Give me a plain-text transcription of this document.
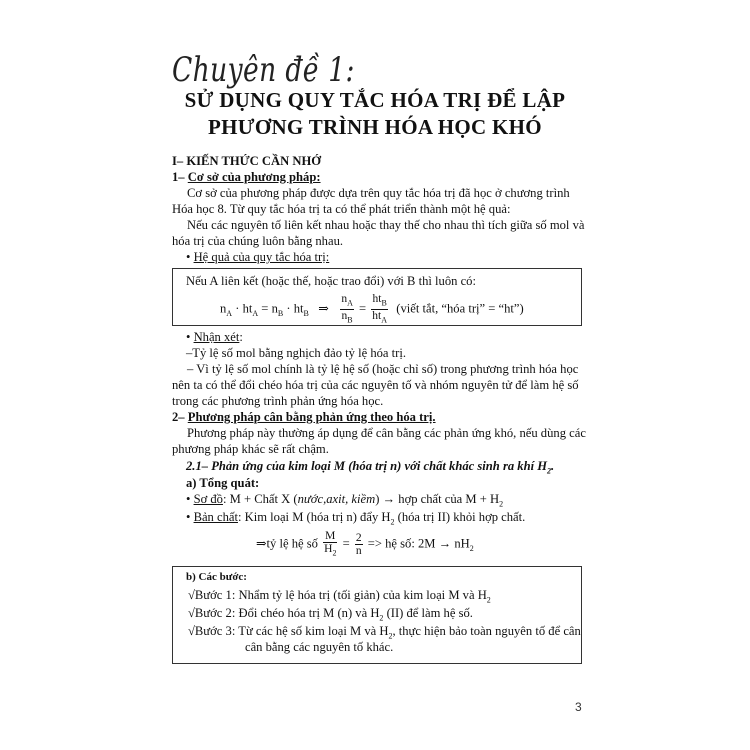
Chuyên đề 1:
SỬ DỤNG QUY TẮC HÓA TRỊ ĐỂ LẬP
PHƯƠNG TRÌNH HÓA HỌC KHÓ
I– KIẾN THỨC CẦN NHỚ
1– Cơ sở của phương pháp:
Cơ sở của phương pháp được dựa trên quy tắc hóa trị đã học ở chương trình
Hóa học 8. Từ quy tắc hóa trị ta có thể phát triển thành một hệ quả:
Nếu các nguyên tố liên kết nhau hoặc thay thế cho nhau thì tích giữa số mol và
hóa trị của chúng luôn bằng nhau.
• Hệ quả của quy tắc hóa trị:
Nếu A liên kết (hoặc thế, hoặc trao đổi) với B thì luôn có:
$n_A \cdot ht_A = n_B \cdot ht_B$ ⇒ $\frac{n_A}{n_B} = \frac{ht_B}{ht_A}$ (viết tắt, “hóa trị” = “ht”)
• Nhận xét:
–Tỷ lệ số mol bằng nghịch đảo tỷ lệ hóa trị.
– Vì tỷ lệ số mol chính là tỷ lệ hệ số (hoặc chỉ số) trong phương trình hóa học
nên ta có thể đổi chéo hóa trị của các nguyên tố và nhóm nguyên tử để làm hệ số
trong các phương trình phản ứng hóa học.
2– Phương pháp cân bằng phản ứng theo hóa trị.
Phương pháp này thường áp dụng để cân bằng các phản ứng khó, nếu dùng các
phương pháp khác sẽ rất chậm.
2.1– Phản ứng của kim loại M (hóa trị n) với chất khác sinh ra khí $H_2$.
a) Tổng quát:
• Sơ đồ: M + Chất X (nước,axit, kiềm) → hợp chất của $M + H_2$
• Bản chất: Kim loại M (hóa trị n) đẩy $H_2$ (hóa trị II) khỏi hợp chất.
⇒tỷ lệ hệ số $\frac{M}{H_2} = \frac{2}{n}$ => hệ số: $2M \to nH_2$
b) Các bước:
√Bước 1: Nhẩm tỷ lệ hóa trị (tối giản) của kim loại M và $H_2$
√Bước 2: Đổi chéo hóa trị M (n) và $H_2$ (II) để làm hệ số.
√Bước 3: Từ các hệ số kim loại M và $H_2$, thực hiện bảo toàn nguyên tố để cân
cân bằng các nguyên tố khác.
3
